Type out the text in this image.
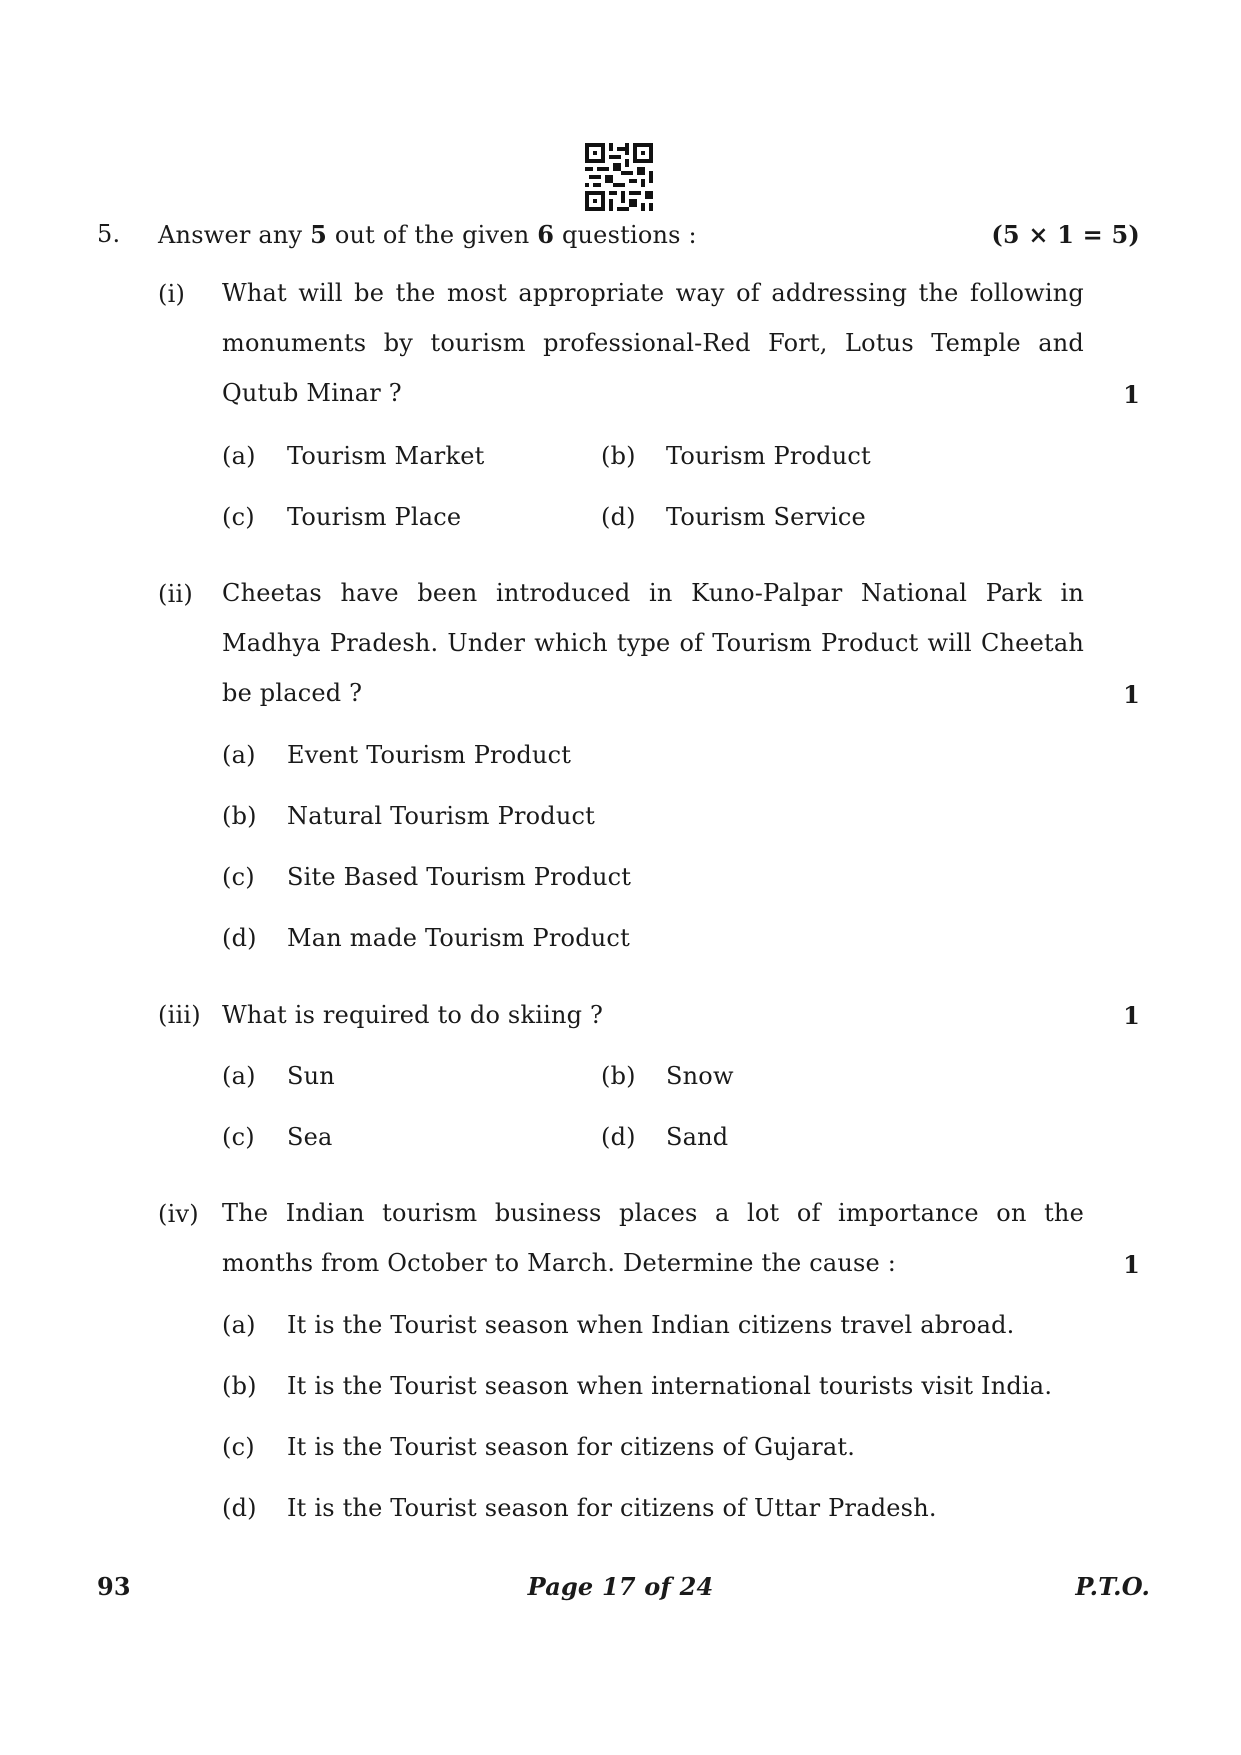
5. Answer any 5 out of the given 6 questions :	(5 × 1 = 5)
(i) What will be the most appropriate way of addressing the following
monuments by tourism professional-Red Fort, Lotus Temple and
Qutub Minar ?	1
(a) Tourism Market	(b) Tourism Product
(c) Tourism Place	(d) Tourism Service
(ii) Cheetas have been introduced in Kuno-Palpar National Park in
Madhya Pradesh. Under which type of Tourism Product will Cheetah
be placed ?	1
(a) Event Tourism Product
(b) Natural Tourism Product
(c) Site Based Tourism Product
(d) Man made Tourism Product
(iii) What is required to do skiing ?	1
(a) Sun	(b) Snow
(c) Sea	(d) Sand
(iv) The Indian tourism business places a lot of importance on the
months from October to March. Determine the cause :	1
(a) It is the Tourist season when Indian citizens travel abroad.
(b) It is the Tourist season when international tourists visit India.
(c) It is the Tourist season for citizens of Gujarat.
(d) It is the Tourist season for citizens of Uttar Pradesh.
93	Page 17 of 24	P.T.O.
